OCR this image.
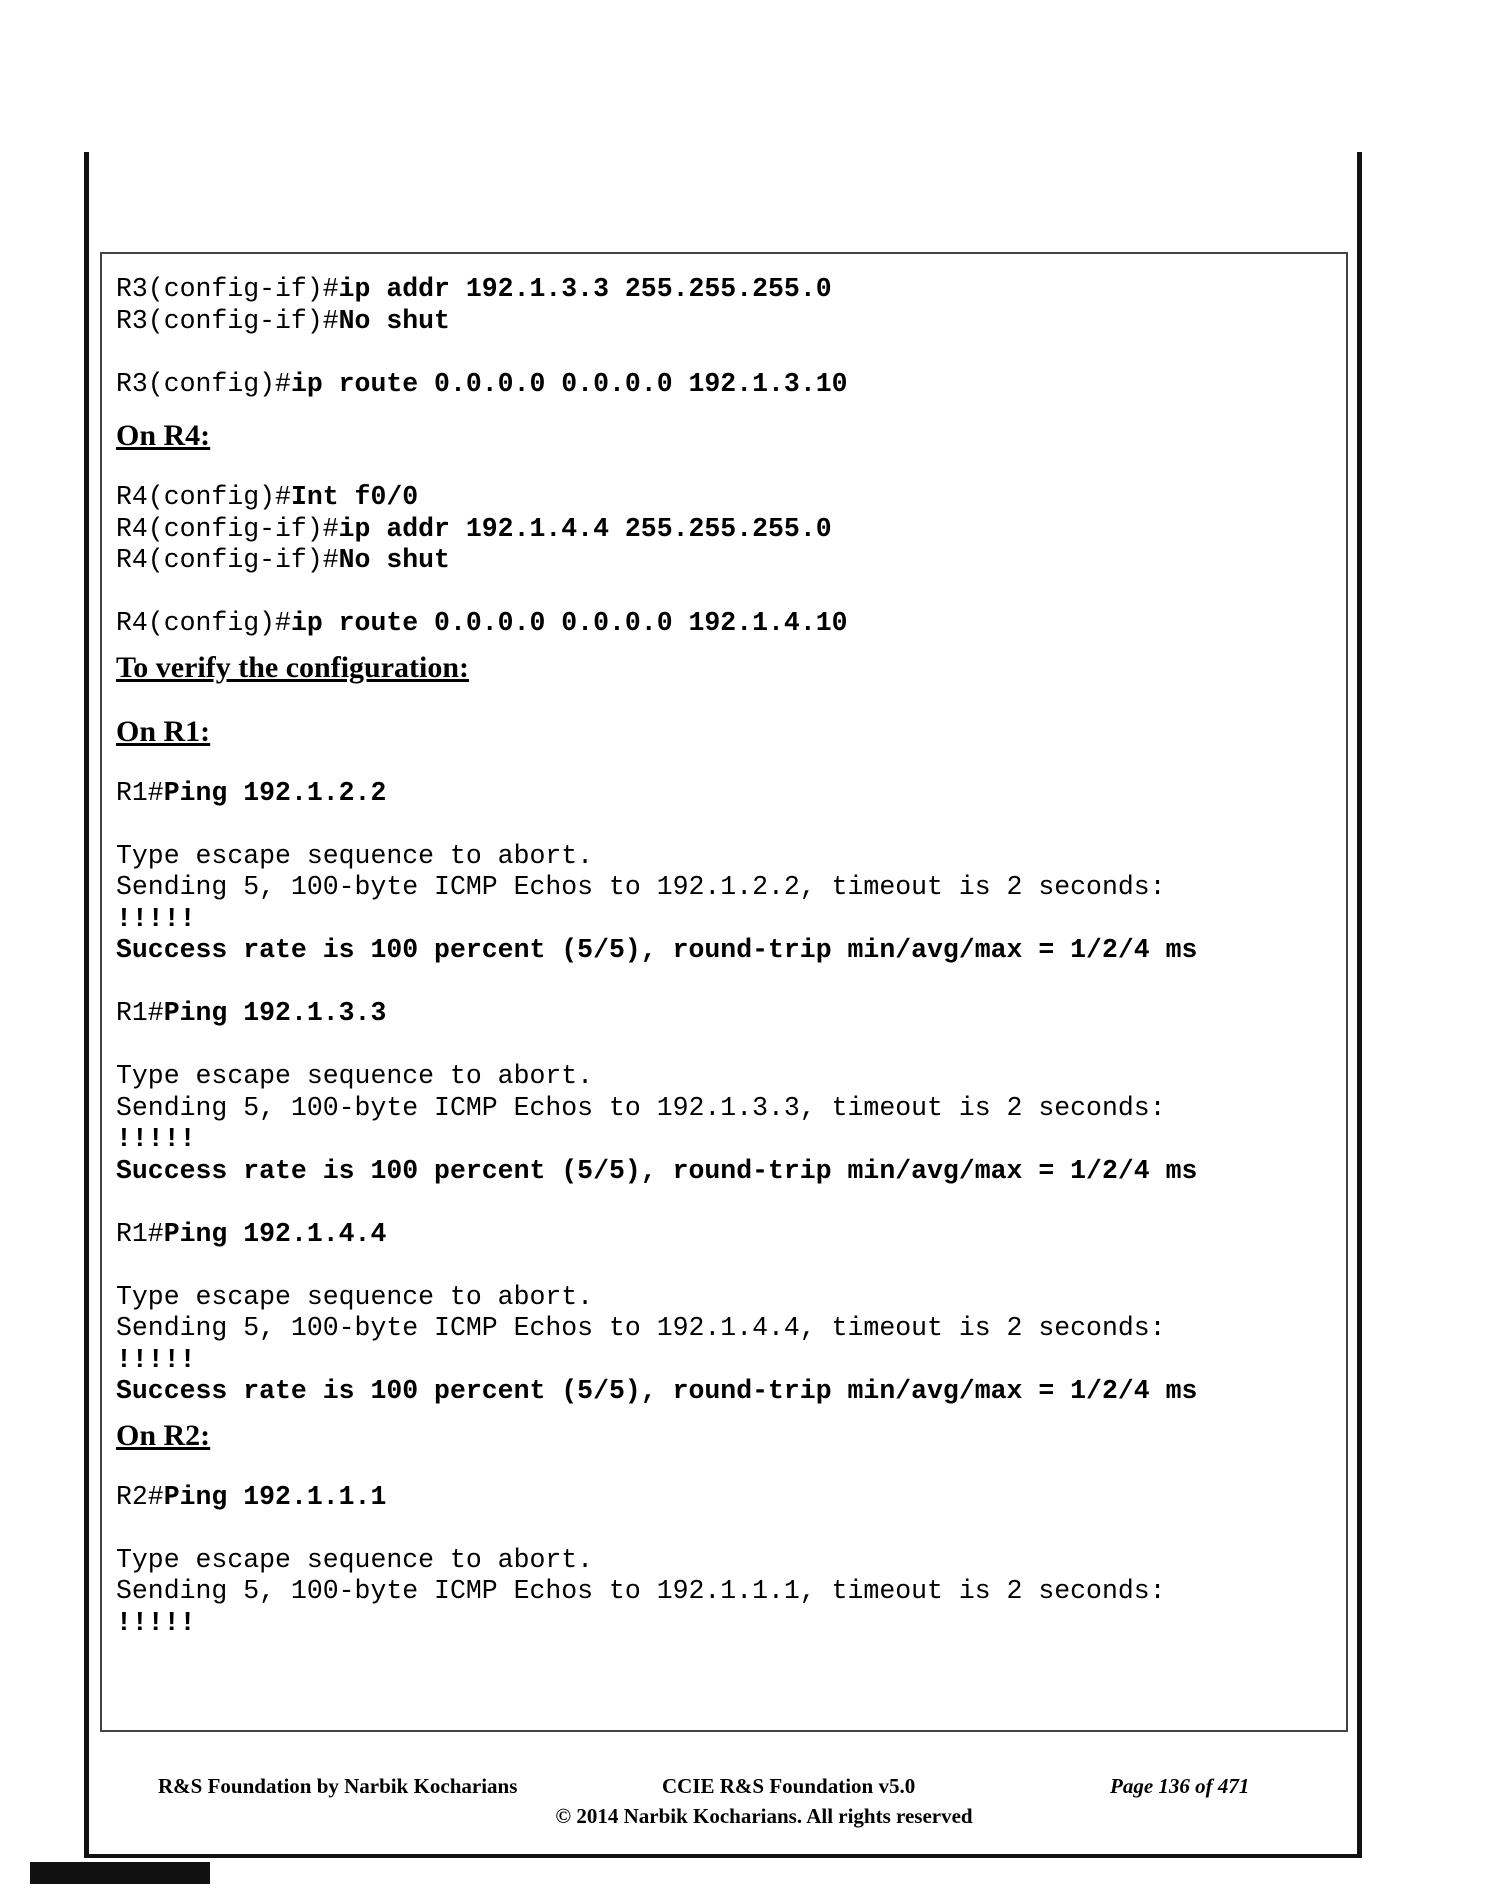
R3(config-if)#ip addr 192.1.3.3 255.255.255.0
R3(config-if)#No shut
R3(config)#ip route 0.0.0.0 0.0.0.0 192.1.3.10
On R4:
R4(config)#Int f0/0
R4(config-if)#ip addr 192.1.4.4 255.255.255.0
R4(config-if)#No shut
R4(config)#ip route 0.0.0.0 0.0.0.0 192.1.4.10
To verify the configuration:
On R1:
R1#Ping 192.1.2.2
Type escape sequence to abort.
Sending 5, 100-byte ICMP Echos to 192.1.2.2, timeout is 2 seconds:
!!!!!
Success rate is 100 percent (5/5), round-trip min/avg/max = 1/2/4 ms
R1#Ping 192.1.3.3
Type escape sequence to abort.
Sending 5, 100-byte ICMP Echos to 192.1.3.3, timeout is 2 seconds:
!!!!!
Success rate is 100 percent (5/5), round-trip min/avg/max = 1/2/4 ms
R1#Ping 192.1.4.4
Type escape sequence to abort.
Sending 5, 100-byte ICMP Echos to 192.1.4.4, timeout is 2 seconds:
!!!!!
Success rate is 100 percent (5/5), round-trip min/avg/max = 1/2/4 ms
On R2:
R2#Ping 192.1.1.1
Type escape sequence to abort.
Sending 5, 100-byte ICMP Echos to 192.1.1.1, timeout is 2 seconds:
!!!!!
R&S Foundation by Narbik Kocharians	CCIE R&S Foundation v5.0	Page 136 of 471
© 2014 Narbik Kocharians. All rights reserved
